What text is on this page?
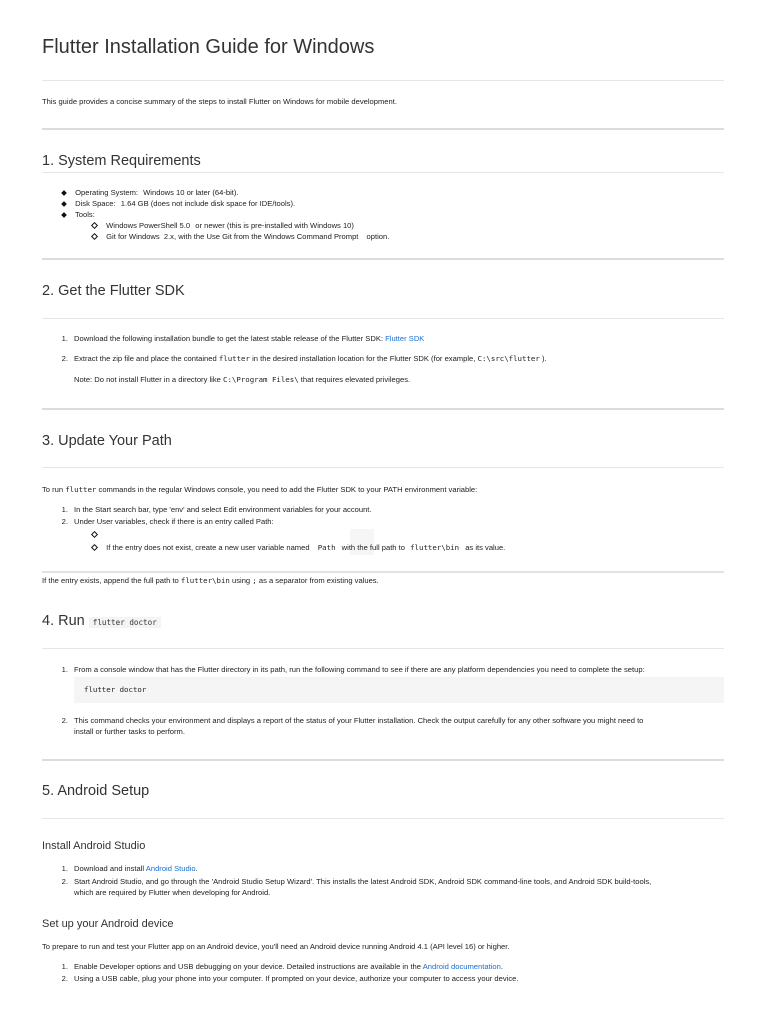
Flutter Installation Guide for Windows
This guide provides a concise summary of the steps to install Flutter on Windows for mobile development.
1. System Requirements
Operating System: Windows 10 or later (64-bit).
Disk Space: 1.64 GB (does not include disk space for IDE/tools).
Tools:
Windows PowerShell 5.0 or newer (this is pre-installed with Windows 10)
Git for Windows 2.x, with the Use Git from the Windows Command Prompt option.
2. Get the Flutter SDK
1. Download the following installation bundle to get the latest stable release of the Flutter SDK: Flutter SDK
2. Extract the zip file and place the contained flutter in the desired installation location for the Flutter SDK (for example, C:\src\flutter ).
Note: Do not install Flutter in a directory like C:\Program Files\ that requires elevated privileges.
3. Update Your Path
To run flutter commands in the regular Windows console, you need to add the Flutter SDK to your PATH environment variable:
1. In the Start search bar, type 'env' and select Edit environment variables for your account.
2. Under User variables, check if there is an entry called Path:
If the entry does not exist, create a new user variable named Path with the full path to flutter\bin as its value.
If the entry exists, append the full path to flutter\bin using ; as a separator from existing values.
4. Run flutter doctor
1. From a console window that has the Flutter directory in its path, run the following command to see if there are any platform dependencies you need to complete the setup:
flutter doctor
2. This command checks your environment and displays a report of the status of your Flutter installation. Check the output carefully for any other software you might need to
install or further tasks to perform.
5. Android Setup
Install Android Studio
1. Download and install Android Studio.
2. Start Android Studio, and go through the 'Android Studio Setup Wizard'. This installs the latest Android SDK, Android SDK command-line tools, and Android SDK build-tools,
which are required by Flutter when developing for Android.
Set up your Android device
To prepare to run and test your Flutter app on an Android device, you'll need an Android device running Android 4.1 (API level 16) or higher.
1. Enable Developer options and USB debugging on your device. Detailed instructions are available in the Android documentation.
2. Using a USB cable, plug your phone into your computer. If prompted on your device, authorize your computer to access your device.
